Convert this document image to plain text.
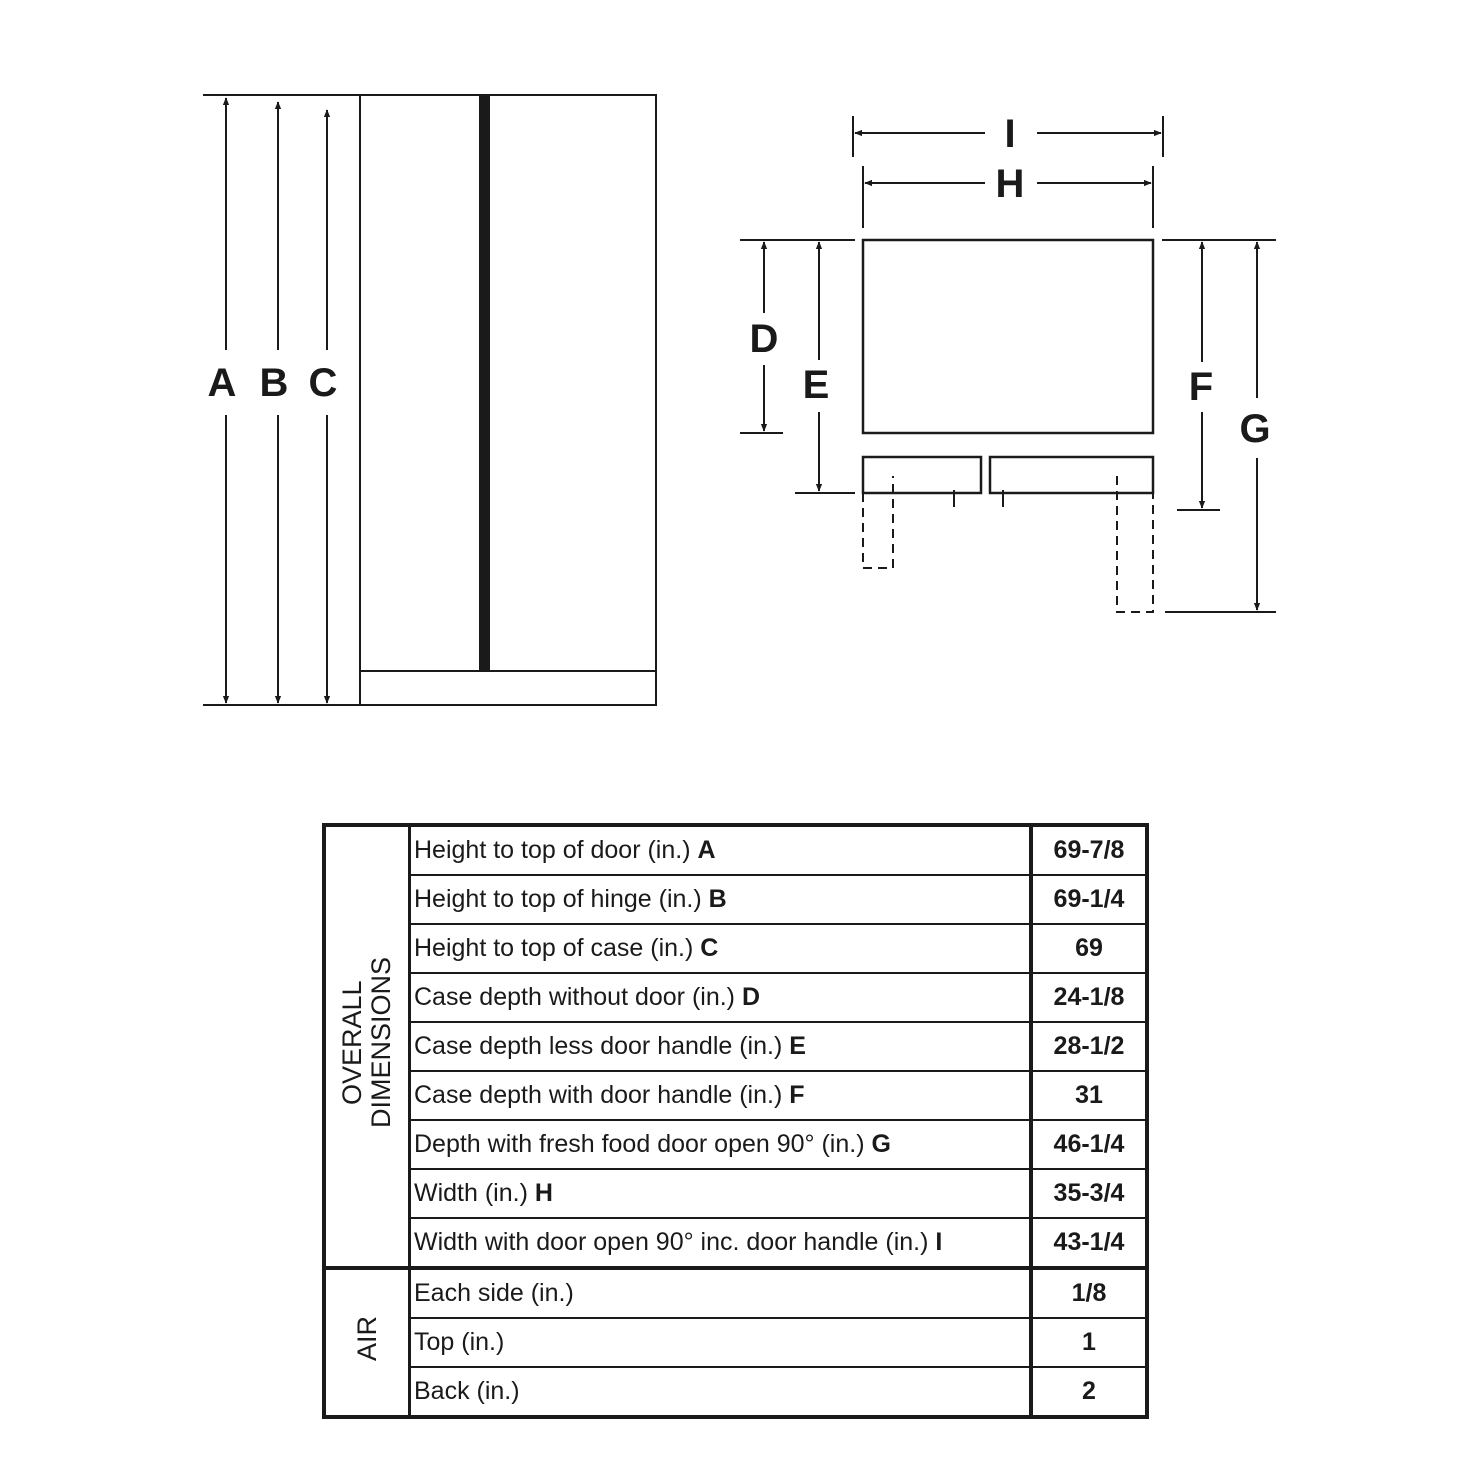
A B C
I
H
D
E	F
G
OVERALL
DIMENSIONS	Height to top of door (in.) A	69-7/8
	Height to top of hinge (in.) B	69-1/4
	Height to top of case (in.) C	69
	Case depth without door (in.) D	24-1/8
	Case depth less door handle (in.) E	28-1/2
	Case depth with door handle (in.) F	31
	Depth with fresh food door open 90° (in.) G	46-1/4
	Width (in.) H	35-3/4
	Width with door open 90° inc. door handle (in.) I	43-1/4
AIR	Each side (in.)	1/8
	Top (in.)	1
	Back (in.)	2
